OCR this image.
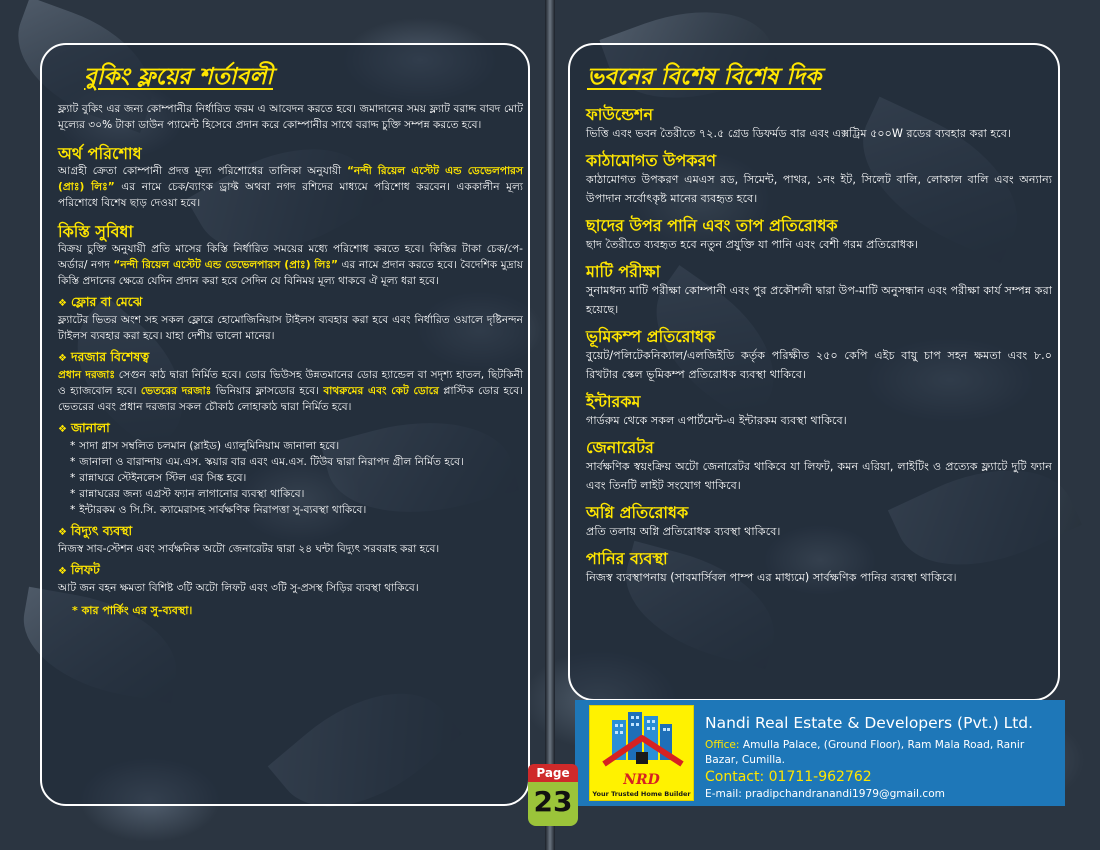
বুকিং ফ্লয়ের শর্তাবলী

ফ্ল্যাট বুকিং এর জন্য কোম্পানীর নির্ধারিত ফরম এ আবেদন করতে হবে। জমাদানের সময় ফ্ল্যাট বরাদ্দ বাবদ মোট মূল্যের ৩০% টাকা ডাউন প্যামেন্ট হিসেবে প্রদান করে কোম্পানীর সাথে বরাদ্দ চুক্তি সম্পন্ন করতে হবে।

অর্থ পরিশোধ

আগ্রহী ক্রেতা কোম্পানী প্রদত্ত মূল্য পরিশোধের তালিকা অনুযায়ী “নন্দী রিয়েল এস্টেট এন্ড ডেভেলপারস (প্রাঃ) লিঃ” এর নামে চেক/ব্যাংক ড্রাফ্ট অথবা নগদ রশিদের মাধ্যমে পরিশোধ করবেন। এককালীন মূল্য পরিশোধে বিশেষ ছাড় দেওয়া হবে।

কিস্তি সুবিধা

বিক্রয় চুক্তি অনুযায়ী প্রতি মাসের কিস্তি নির্ধারিত সময়ের মধ্যে পরিশোধ করতে হবে। কিস্তির টাকা চেক/পে-অর্ডার/ নগদ “নন্দী রিয়েল এস্টেট এন্ড ডেভেলপারস (প্রাঃ) লিঃ” এর নামে প্রদান করতে হবে। বৈদেশিক মুদ্রায় কিস্তি প্রদানের ক্ষেত্রে যেদিন প্রদান করা হবে সেদিন যে বিনিময় মূল্য থাকবে ঐ মূল্য ধরা হবে।

❖ ফ্লোর বা মেঝে

ফ্ল্যাটের ভিতর অংশ সহ সকল ফ্লোরে হোমোজিনিয়াস টাইলস ব্যবহার করা হবে এবং নির্ধারিত ওয়ালে দৃষ্টিনন্দন টাইলস ব্যবহার করা হবে। যাহা দেশীয় ভালো মানের।

❖ দরজার বিশেষত্ব

প্রধান দরজাঃ সেগুন কাঠ দ্বারা নির্মিত হবে। ডোর ভিউসহ উন্নতমানের ডোর হ্যান্ডেল বা সদৃশ্য হাতল, ছিটকিনী ও হ্যাজবোল হবে। ভেতরের দরজাঃ ভিনিয়ার ফ্লাসডোর হবে। বাথরুমের এবং কেট ডোরে প্লাস্টিক ডোর হবে। ভেতরের এবং প্রধান দরজার সকল চৌকাঠ লোহাকাঠ দ্বারা নির্মিত হবে।

❖ জানালা
* সাদা গ্লাস সম্বলিত চলমান (স্লাইড) এ্যালুমিনিয়াম জানালা হবে।
* জানালা ও বারান্দায় এম.এস. স্কয়ার বার এবং এম.এস. টিউব দ্বারা নিরাপদ গ্রীল নির্মিত হবে।
* রান্নাঘরে স্টেইনলেস স্টিল এর সিঙ্ক হবে।
* রান্নাঘরের জন্য এগ্রস্ট ফ্যান লাগানোর ব্যবস্থা থাকিবে।
* ইন্টারকম ও সি.সি. ক্যামেরাসহ সার্বক্ষণিক নিরাপত্তা সু-ব্যবস্থা থাকিবে।
❖ বিদ্যুৎ ব্যবস্থা

নিজস্ব সাব-স্টেশন এবং সার্বক্ষনিক অটো জেনারেটর দ্বারা ২৪ ঘন্টা বিদ্যুৎ সরবরাহ করা হবে।

❖ লিফট

আট জন বহন ক্ষমতা বিশিষ্ট ৩টি অটো লিফট এবং ৩টি সু-প্রসস্থ সিড়ির ব্যবস্থা থাকিবে।

* কার পার্কিং এর সু-ব্যবস্থা।
ভবনের বিশেষ বিশেষ দিক
ফাউন্ডেশন

ভিত্তি এবং ভবন তৈরীতে ৭২.৫ গ্রেড ডিফর্মড বার এবং এক্সট্রিম ৫০০W রডের ব্যবহার করা হবে।

কাঠামোগত উপকরণ

কাঠামোগত উপকরণ এমএস রড, সিমেন্ট, পাথর, ১নং ইট, সিলেট বালি, লোকাল বালি এবং অন্যান্য উপাদান সর্বোৎকৃষ্ট মানের ব্যবহৃত হবে।

ছাদের উপর পানি এবং তাপ প্রতিরোধক

ছাদ তৈরীতে ব্যবহৃত হবে নতুন প্রযুক্তি যা পানি এবং বেশী গরম প্রতিরোধক।

মাটি পরীক্ষা

সুনামধন্য মাটি পরীক্ষা কোম্পানী এবং পুর প্রকৌশলী দ্বারা উপ-মাটি অনুসন্ধান এবং পরীক্ষা কার্য সম্পন্ন করা হয়েছে।

ভূমিকম্প প্রতিরোধক

বুয়েট/পলিটেকনিক্যাল/এলজিইডি কর্তৃক পরিক্ষীত ২৫০ কেপি এইচ বায়ু চাপ সহন ক্ষমতা এবং ৮.০ রিখটার স্কেল ভূমিকম্প প্রতিরোধক ব্যবস্থা থাকিবে।

ইন্টারকম

গার্ডরুম থেকে সকল এপার্টমেন্ট-এ ইন্টারকম ব্যবস্থা থাকিবে।

জেনারেটর

সার্বক্ষণিক স্বয়ংক্রিয় অটো জেনারেটর থাকিবে যা লিফট, কমন এরিয়া, লাইটিং ও প্রত্যেক ফ্ল্যাটে দুটি ফ্যান এবং তিনটি লাইট সংযোগ থাকিবে।

অগ্নি প্রতিরোধক

প্রতি তলায় অগ্নি প্রতিরোধক ব্যবস্থা থাকিবে।

পানির ব্যবস্থা

নিজস্ব ব্যবস্থাপনায় (সাবমার্সিবল পাম্প এর মাধ্যমে) সার্বক্ষণিক পানির ব্যবস্থা থাকিবে।

NRD
Your Trusted Home Builder
Nandi Real Estate & Developers (Pvt.) Ltd.
Office: Amulla Palace, (Ground Floor), Ram Mala Road, Ranir Bazar, Cumilla.
Contact: 01711-962762
E-mail: pradipchandranandi1979@gmail.com
Page
23
